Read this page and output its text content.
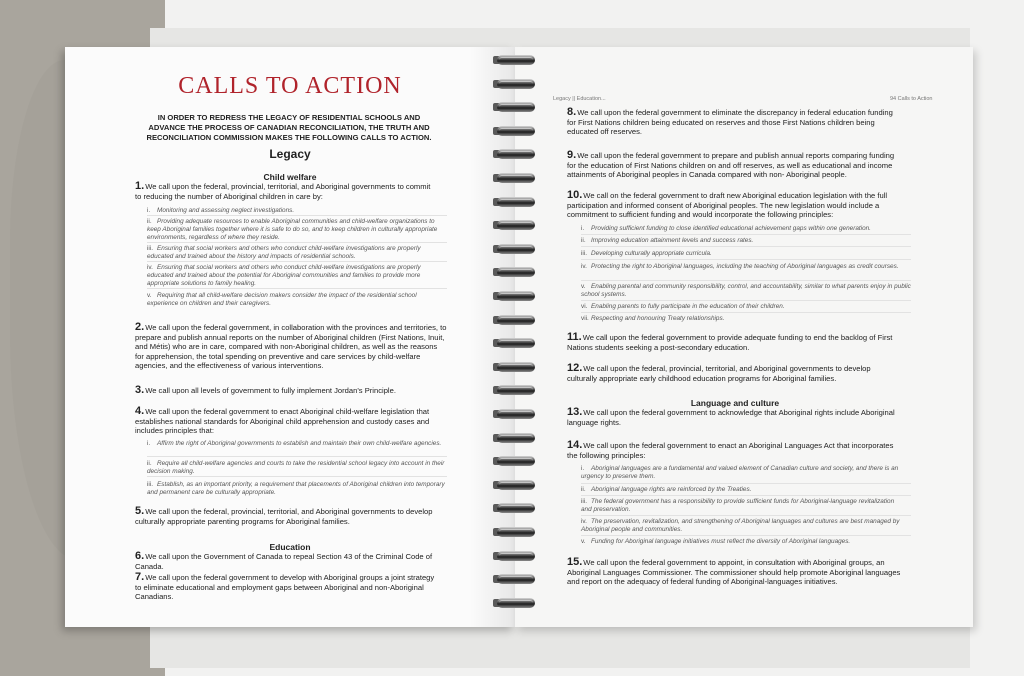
CALLS TO ACTION
IN ORDER TO REDRESS THE LEGACY OF RESIDENTIAL SCHOOLS AND ADVANCE THE PROCESS OF CANADIAN RECONCILIATION, THE TRUTH AND RECONCILIATION COMMISSION MAKES THE FOLLOWING CALLS TO ACTION.
Legacy
Child welfare
1.We call upon the federal, provincial, territorial, and Aboriginal governments to commit to reducing the number of Aboriginal children in care by:
i. Monitoring and assessing neglect investigations.
ii. Providing adequate resources to enable Aboriginal communities and child-welfare organizations to keep Aboriginal families together where it is safe to do so, and to keep children in culturally appropriate environments, regardless of where they reside.
iii. Ensuring that social workers and others who conduct child-welfare investigations are properly educated and trained about the history and impacts of residential schools.
iv. Ensuring that social workers and others who conduct child-welfare investigations are properly educated and trained about the potential for Aboriginal communities and families to provide more appropriate solutions to family healing.
v. Requiring that all child-welfare decision makers consider the impact of the residential school experience on children and their caregivers.
2.We call upon the federal government, in collaboration with the provinces and territories, to prepare and publish annual reports on the number of Aboriginal children (First Nations, Inuit, and Métis) who are in care, compared with non-Aboriginal children, as well as the reasons for apprehension, the total spending on preventive and care services by child-welfare agencies, and the effectiveness of various interventions.
3.We call upon all levels of government to fully implement Jordan's Principle.
4.We call upon the federal government to enact Aboriginal child-welfare legislation that establishes national standards for Aboriginal child apprehension and custody cases and includes principles that:
i. Affirm the right of Aboriginal governments to establish and maintain their own child-welfare agencies.
ii. Require all child-welfare agencies and courts to take the residential school legacy into account in their decision making.
iii. Establish, as an important priority, a requirement that placements of Aboriginal children into temporary and permanent care be culturally appropriate.
5.We call upon the federal, provincial, territorial, and Aboriginal governments to develop culturally appropriate parenting programs for Aboriginal families.
Education
6.We call upon the Government of Canada to repeal Section 43 of the Criminal Code of Canada.
7.We call upon the federal government to develop with Aboriginal groups a joint strategy to eliminate educational and employment gaps between Aboriginal and non-Aboriginal Canadians.
Legacy || Education...	94 Calls to Action
8.We call upon the federal government to eliminate the discrepancy in federal education funding for First Nations children being educated on reserves and those First Nations children being educated off reserves.
9.We call upon the federal government to prepare and publish annual reports comparing funding for the education of First Nations children on and off reserves, as well as educational and income attainments of Aboriginal peoples in Canada compared with non- Aboriginal people.
10.We call on the federal government to draft new Aboriginal education legislation with the full participation and informed consent of Aboriginal peoples. The new legislation would include a commitment to sufficient funding and would incorporate the following principles:
i. Providing sufficient funding to close identified educational achievement gaps within one generation.
ii. Improving education attainment levels and success rates.
iii. Developing culturally appropriate curricula.
iv. Protecting the right to Aboriginal languages, including the teaching of Aboriginal languages as credit courses.
v. Enabling parental and community responsibility, control, and accountability, similar to what parents enjoy in public school systems.
vi. Enabling parents to fully participate in the education of their children.
vii. Respecting and honouring Treaty relationships.
11.We call upon the federal government to provide adequate funding to end the backlog of First Nations students seeking a post-secondary education.
12.We call upon the federal, provincial, territorial, and Aboriginal governments to develop culturally appropriate early childhood education programs for Aboriginal families.
Language and culture
13.We call upon the federal government to acknowledge that Aboriginal rights include Aboriginal language rights.
14.We call upon the federal government to enact an Aboriginal Languages Act that incorporates the following principles:
i. Aboriginal languages are a fundamental and valued element of Canadian culture and society, and there is an urgency to preserve them.
ii. Aboriginal language rights are reinforced by the Treaties.
iii. The federal government has a responsibility to provide sufficient funds for Aboriginal-language revitalization and preservation.
iv. The preservation, revitalization, and strengthening of Aboriginal languages and cultures are best managed by Aboriginal people and communities.
v. Funding for Aboriginal language initiatives must reflect the diversity of Aboriginal languages.
15.We call upon the federal government to appoint, in consultation with Aboriginal groups, an Aboriginal Languages Commissioner. The commissioner should help promote Aboriginal languages and report on the adequacy of federal funding of Aboriginal-languages initiatives.
